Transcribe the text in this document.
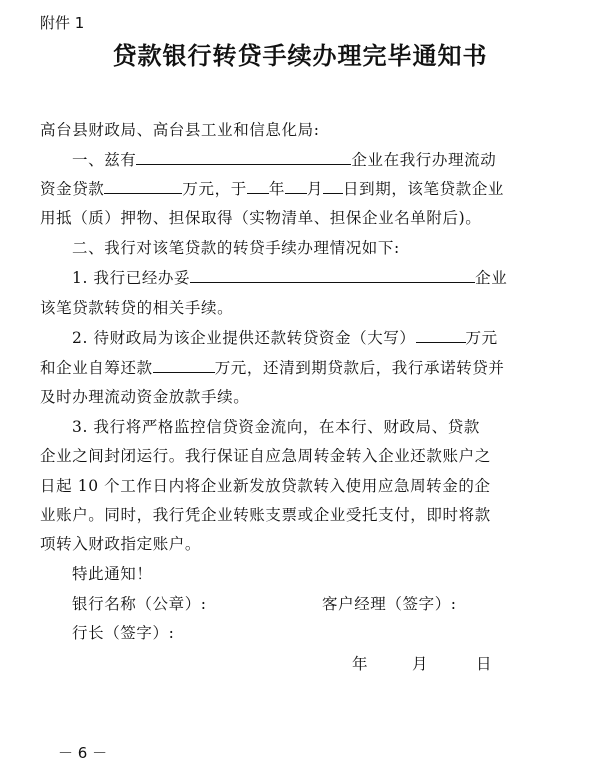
附件 1
贷款银行转贷手续办理完毕通知书
高台县财政局、高台县工业和信息化局:
一、兹有	企业在我行办理流动
资金贷款	万元，于 年 月 日到期，该笔贷款企业
用抵（质）押物、担保取得（实物清单、担保企业名单附后)。
二、我行对该笔贷款的转贷手续办理情况如下:
1. 我行已经办妥	企业
该笔贷款转贷的相关手续。
2. 待财政局为该企业提供还款转贷资金（大写）	万元
和企业自筹还款	万元，还清到期贷款后，我行承诺转贷并
及时办理流动资金放款手续。
3. 我行将严格监控信贷资金流向，在本行、财政局、贷款
企业之间封闭运行。我行保证自应急周转金转入企业还款账户之
日起 10 个工作日内将企业新发放贷款转入使用应急周转金的企
业账户。同时，我行凭企业转账支票或企业受托支付，即时将款
项转入财政指定账户。
特此通知！
银行名称（公章）:	客户经理（签字）:
行长（签字）:
年	月	日
－ 6 －
